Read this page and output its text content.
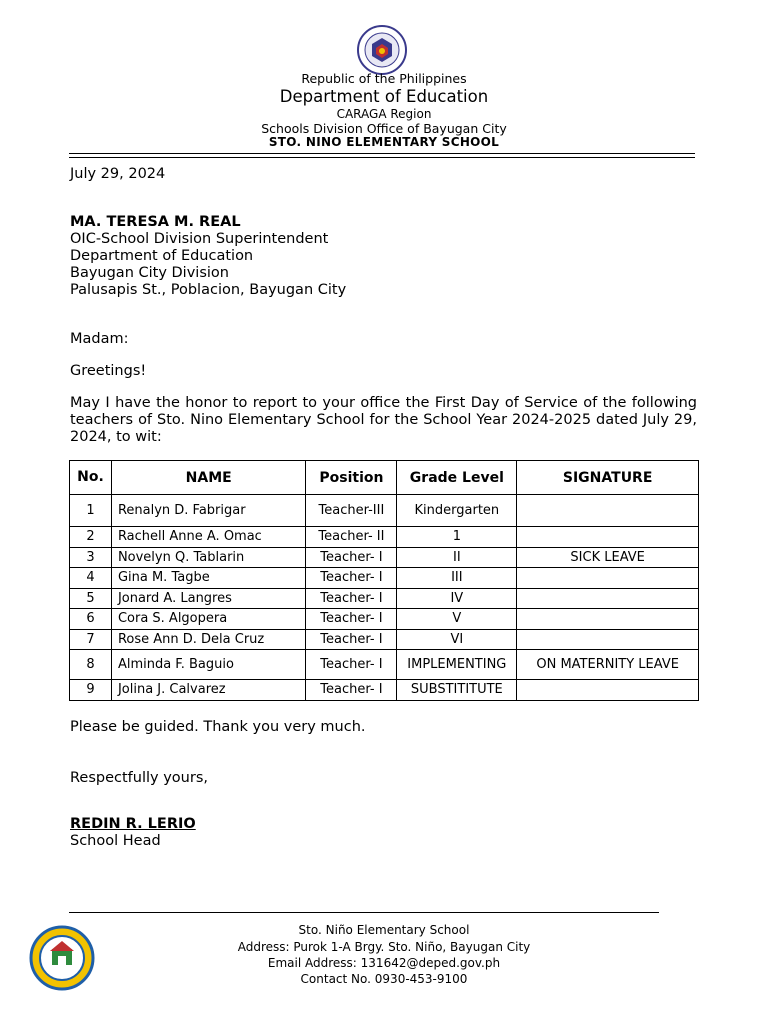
Republic of the Philippines
Department of Education
CARAGA Region
Schools Division Office of Bayugan City
STO. NINO ELEMENTARY SCHOOL
July 29, 2024
MA. TERESA M. REAL
OIC-School Division Superintendent
Department of Education
Bayugan City Division
Palusapis St., Poblacion, Bayugan City
Madam:
Greetings!
May I have the honor to report to your office the First Day of Service of the following teachers of Sto. Nino Elementary School for the School Year 2024-2025 dated July 29, 2024, to wit:
No.	NAME	Position	Grade Level	SIGNATURE
1	Renalyn D. Fabrigar	Teacher-III	Kindergarten	
2	Rachell Anne A. Omac	Teacher- II	1	
3	Novelyn Q. Tablarin	Teacher- I	II	SICK LEAVE
4	Gina M. Tagbe	Teacher- I	III	
5	Jonard A. Langres	Teacher- I	IV	
6	Cora S. Algopera	Teacher- I	V	
7	Rose Ann D. Dela Cruz	Teacher- I	VI	
8	Alminda F. Baguio	Teacher- I	IMPLEMENTING	ON MATERNITY LEAVE
9	Jolina J. Calvarez	Teacher- I	SUBSTITITUTE	
Please be guided. Thank you very much.
Respectfully yours,
REDIN R. LERIO
School Head
Sto. Niño Elementary School
Address: Purok 1-A Brgy. Sto. Niño, Bayugan City
Email Address: 131642@deped.gov.ph
Contact No. 0930-453-9100
